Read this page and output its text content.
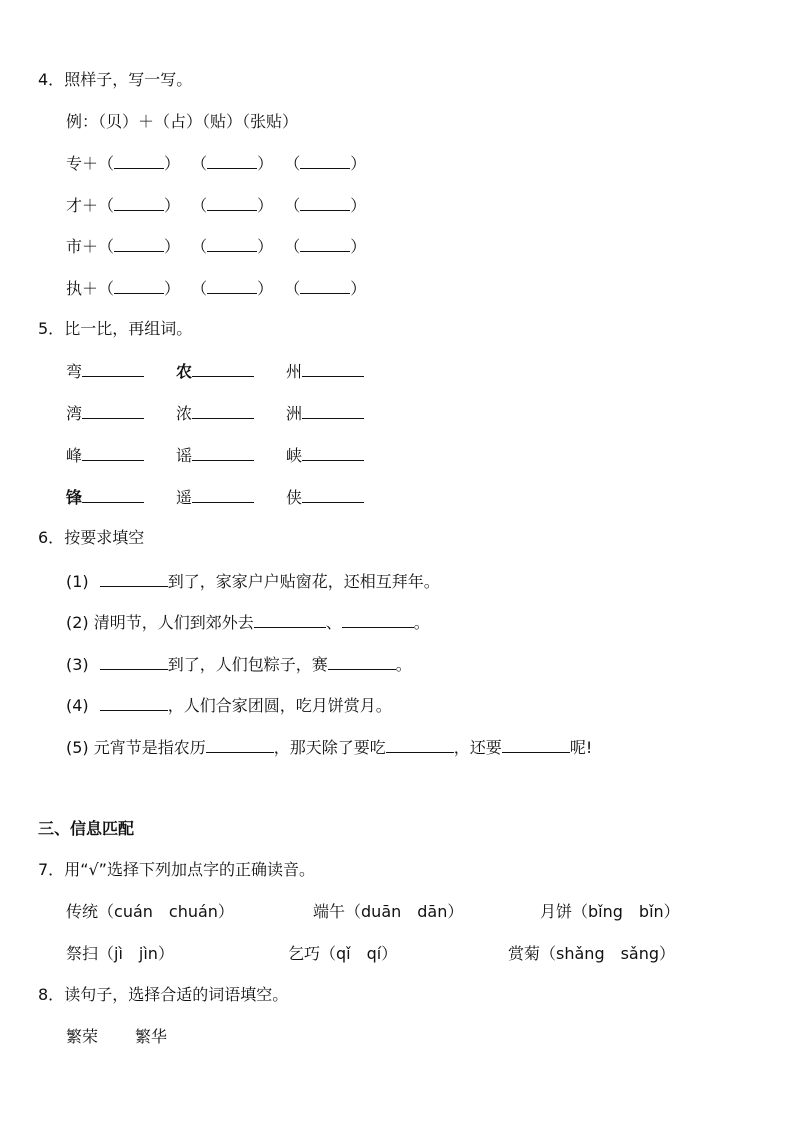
4．照样子，写一写。
例：（贝）＋（占）（贴）（张贴）
专＋（	） （	） （	）
才＋（	） （	） （	）
市＋（	） （	） （	）
执＋（	） （	） （	）
5．比一比，再组词。
弯	农	州
湾	浓	洲
峰	谣	峡
锋	遥	侠
6．按要求填空
(1)	到了，家家户户贴窗花，还相互拜年。
(2) 清明节，人们到郊外去	、	。
(3)	到了，人们包粽子，赛	。
(4)	，人们合家团圆，吃月饼赏月。
(5) 元宵节是指农历	，那天除了要吃	，还要	呢!
三、信息匹配
7．用“√”选择下列加点字的正确读音。
传统（cuán　chuán）	端午（duān　dān）	月饼（bǐng　bǐn）
祭扫（jì　jìn）	乞巧（qǐ　qí）	赏菊（shǎng　sǎng）
8．读句子，选择合适的词语填空。
繁荣 繁华
